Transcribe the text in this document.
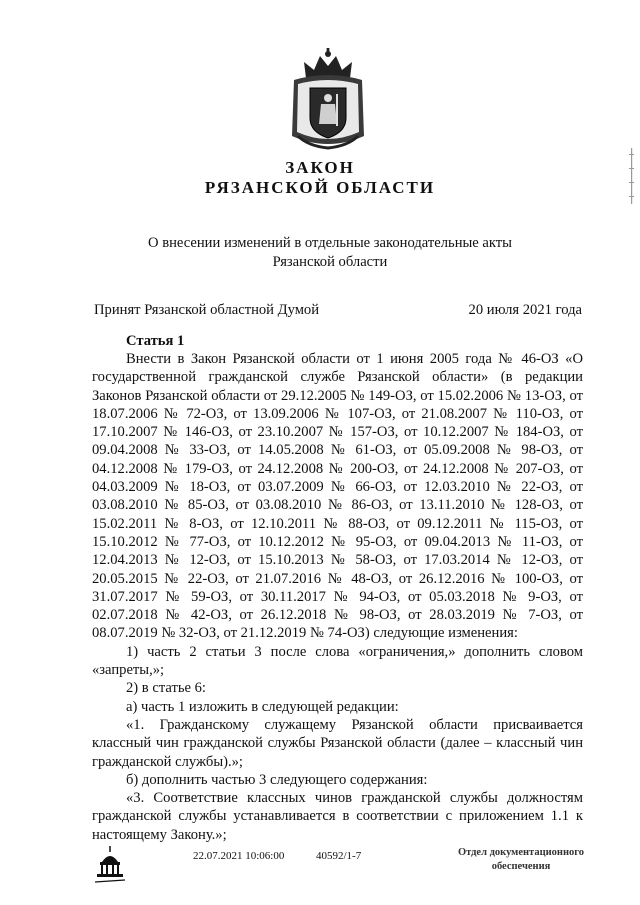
ЗАКОН
РЯЗАНСКОЙ ОБЛАСТИ
О внесении изменений в отдельные законодательные акты
Рязанской области
Принят Рязанской областной Думой	20 июля 2021 года
Статья 1

Внести в Закон Рязанской области от 1 июня 2005 года № 46-ОЗ «О государственной гражданской службе Рязанской области» (в редакции Законов Рязанской области от 29.12.2005 № 149-ОЗ, от 15.02.2006 № 13-ОЗ, от 18.07.2006 № 72-ОЗ, от 13.09.2006 № 107-ОЗ, от 21.08.2007 № 110-ОЗ, от 17.10.2007 № 146-ОЗ, от 23.10.2007 № 157-ОЗ, от 10.12.2007 № 184-ОЗ, от 09.04.2008 № 33-ОЗ, от 14.05.2008 № 61-ОЗ, от 05.09.2008 № 98-ОЗ, от 04.12.2008 № 179-ОЗ, от 24.12.2008 № 200-ОЗ, от 24.12.2008 № 207-ОЗ, от 04.03.2009 № 18-ОЗ, от 03.07.2009 № 66-ОЗ, от 12.03.2010 № 22-ОЗ, от 03.08.2010 № 85-ОЗ, от 03.08.2010 № 86-ОЗ, от 13.11.2010 № 128-ОЗ, от 15.02.2011 № 8-ОЗ, от 12.10.2011 № 88-ОЗ, от 09.12.2011 № 115-ОЗ, от 15.10.2012 № 77-ОЗ, от 10.12.2012 № 95-ОЗ, от 09.04.2013 № 11-ОЗ, от 12.04.2013 № 12-ОЗ, от 15.10.2013 № 58-ОЗ, от 17.03.2014 № 12-ОЗ, от 20.05.2015 № 22-ОЗ, от 21.07.2016 № 48-ОЗ, от 26.12.2016 № 100-ОЗ, от 31.07.2017 № 59-ОЗ, от 30.11.2017 № 94-ОЗ, от 05.03.2018 № 9-ОЗ, от 02.07.2018 № 42-ОЗ, от 26.12.2018 № 98-ОЗ, от 28.03.2019 № 7-ОЗ, от 08.07.2019 № 32-ОЗ, от 21.12.2019 № 74-ОЗ) следующие изменения:

1) часть 2 статьи 3 после слова «ограничения,» дополнить словом «запреты,»;

2) в статье 6:

а) часть 1 изложить в следующей редакции:

«1. Гражданскому служащему Рязанской области присваивается классный чин гражданской службы Рязанской области (далее – классный чин гражданской службы).»;

б) дополнить частью 3 следующего содержания:

«3. Соответствие классных чинов гражданской службы должностям гражданской службы устанавливается в соответствии с приложением 1.1 к настоящему Закону.»;

22.07.2021 10:06:00	40592/1-7	Отдел документационного
обеспечения
